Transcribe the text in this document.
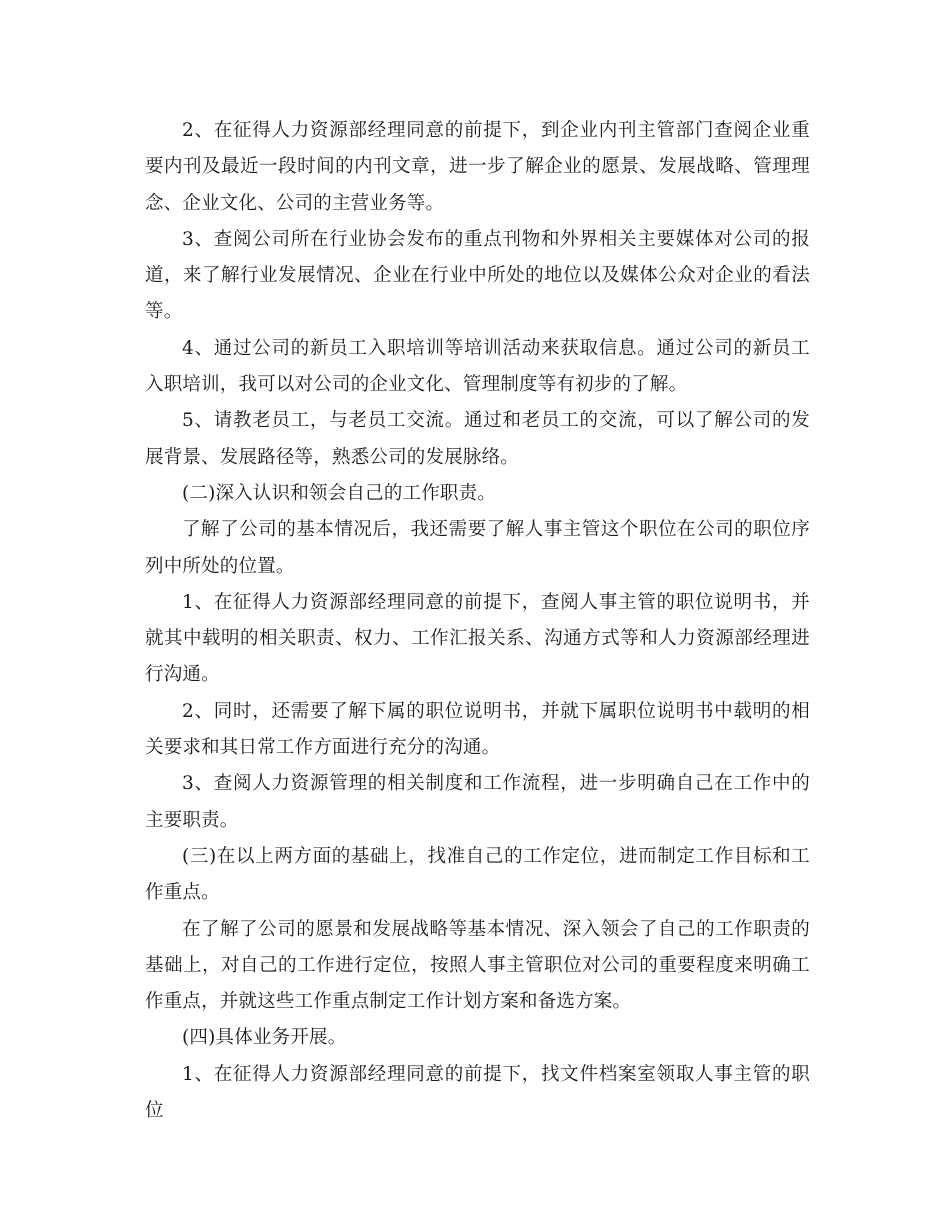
2、在征得人力资源部经理同意的前提下，到企业内刊主管部门查阅企业重要内刊及最近一段时间的内刊文章，进一步了解企业的愿景、发展战略、管理理念、企业文化、公司的主营业务等。

3、查阅公司所在行业协会发布的重点刊物和外界相关主要媒体对公司的报道，来了解行业发展情况、企业在行业中所处的地位以及媒体公众对企业的看法等。

4、通过公司的新员工入职培训等培训活动来获取信息。通过公司的新员工入职培训，我可以对公司的企业文化、管理制度等有初步的了解。

5、请教老员工，与老员工交流。通过和老员工的交流，可以了解公司的发展背景、发展路径等，熟悉公司的发展脉络。

(二)深入认识和领会自己的工作职责。

了解了公司的基本情况后，我还需要了解人事主管这个职位在公司的职位序列中所处的位置。

1、在征得人力资源部经理同意的前提下，查阅人事主管的职位说明书，并就其中载明的相关职责、权力、工作汇报关系、沟通方式等和人力资源部经理进行沟通。

2、同时，还需要了解下属的职位说明书，并就下属职位说明书中载明的相关要求和其日常工作方面进行充分的沟通。

3、查阅人力资源管理的相关制度和工作流程，进一步明确自己在工作中的主要职责。

(三)在以上两方面的基础上，找准自己的工作定位，进而制定工作目标和工作重点。

在了解了公司的愿景和发展战略等基本情况、深入领会了自己的工作职责的基础上，对自己的工作进行定位，按照人事主管职位对公司的重要程度来明确工作重点，并就这些工作重点制定工作计划方案和备选方案。

(四)具体业务开展。

1、在征得人力资源部经理同意的前提下，找文件档案室领取人事主管的职位
